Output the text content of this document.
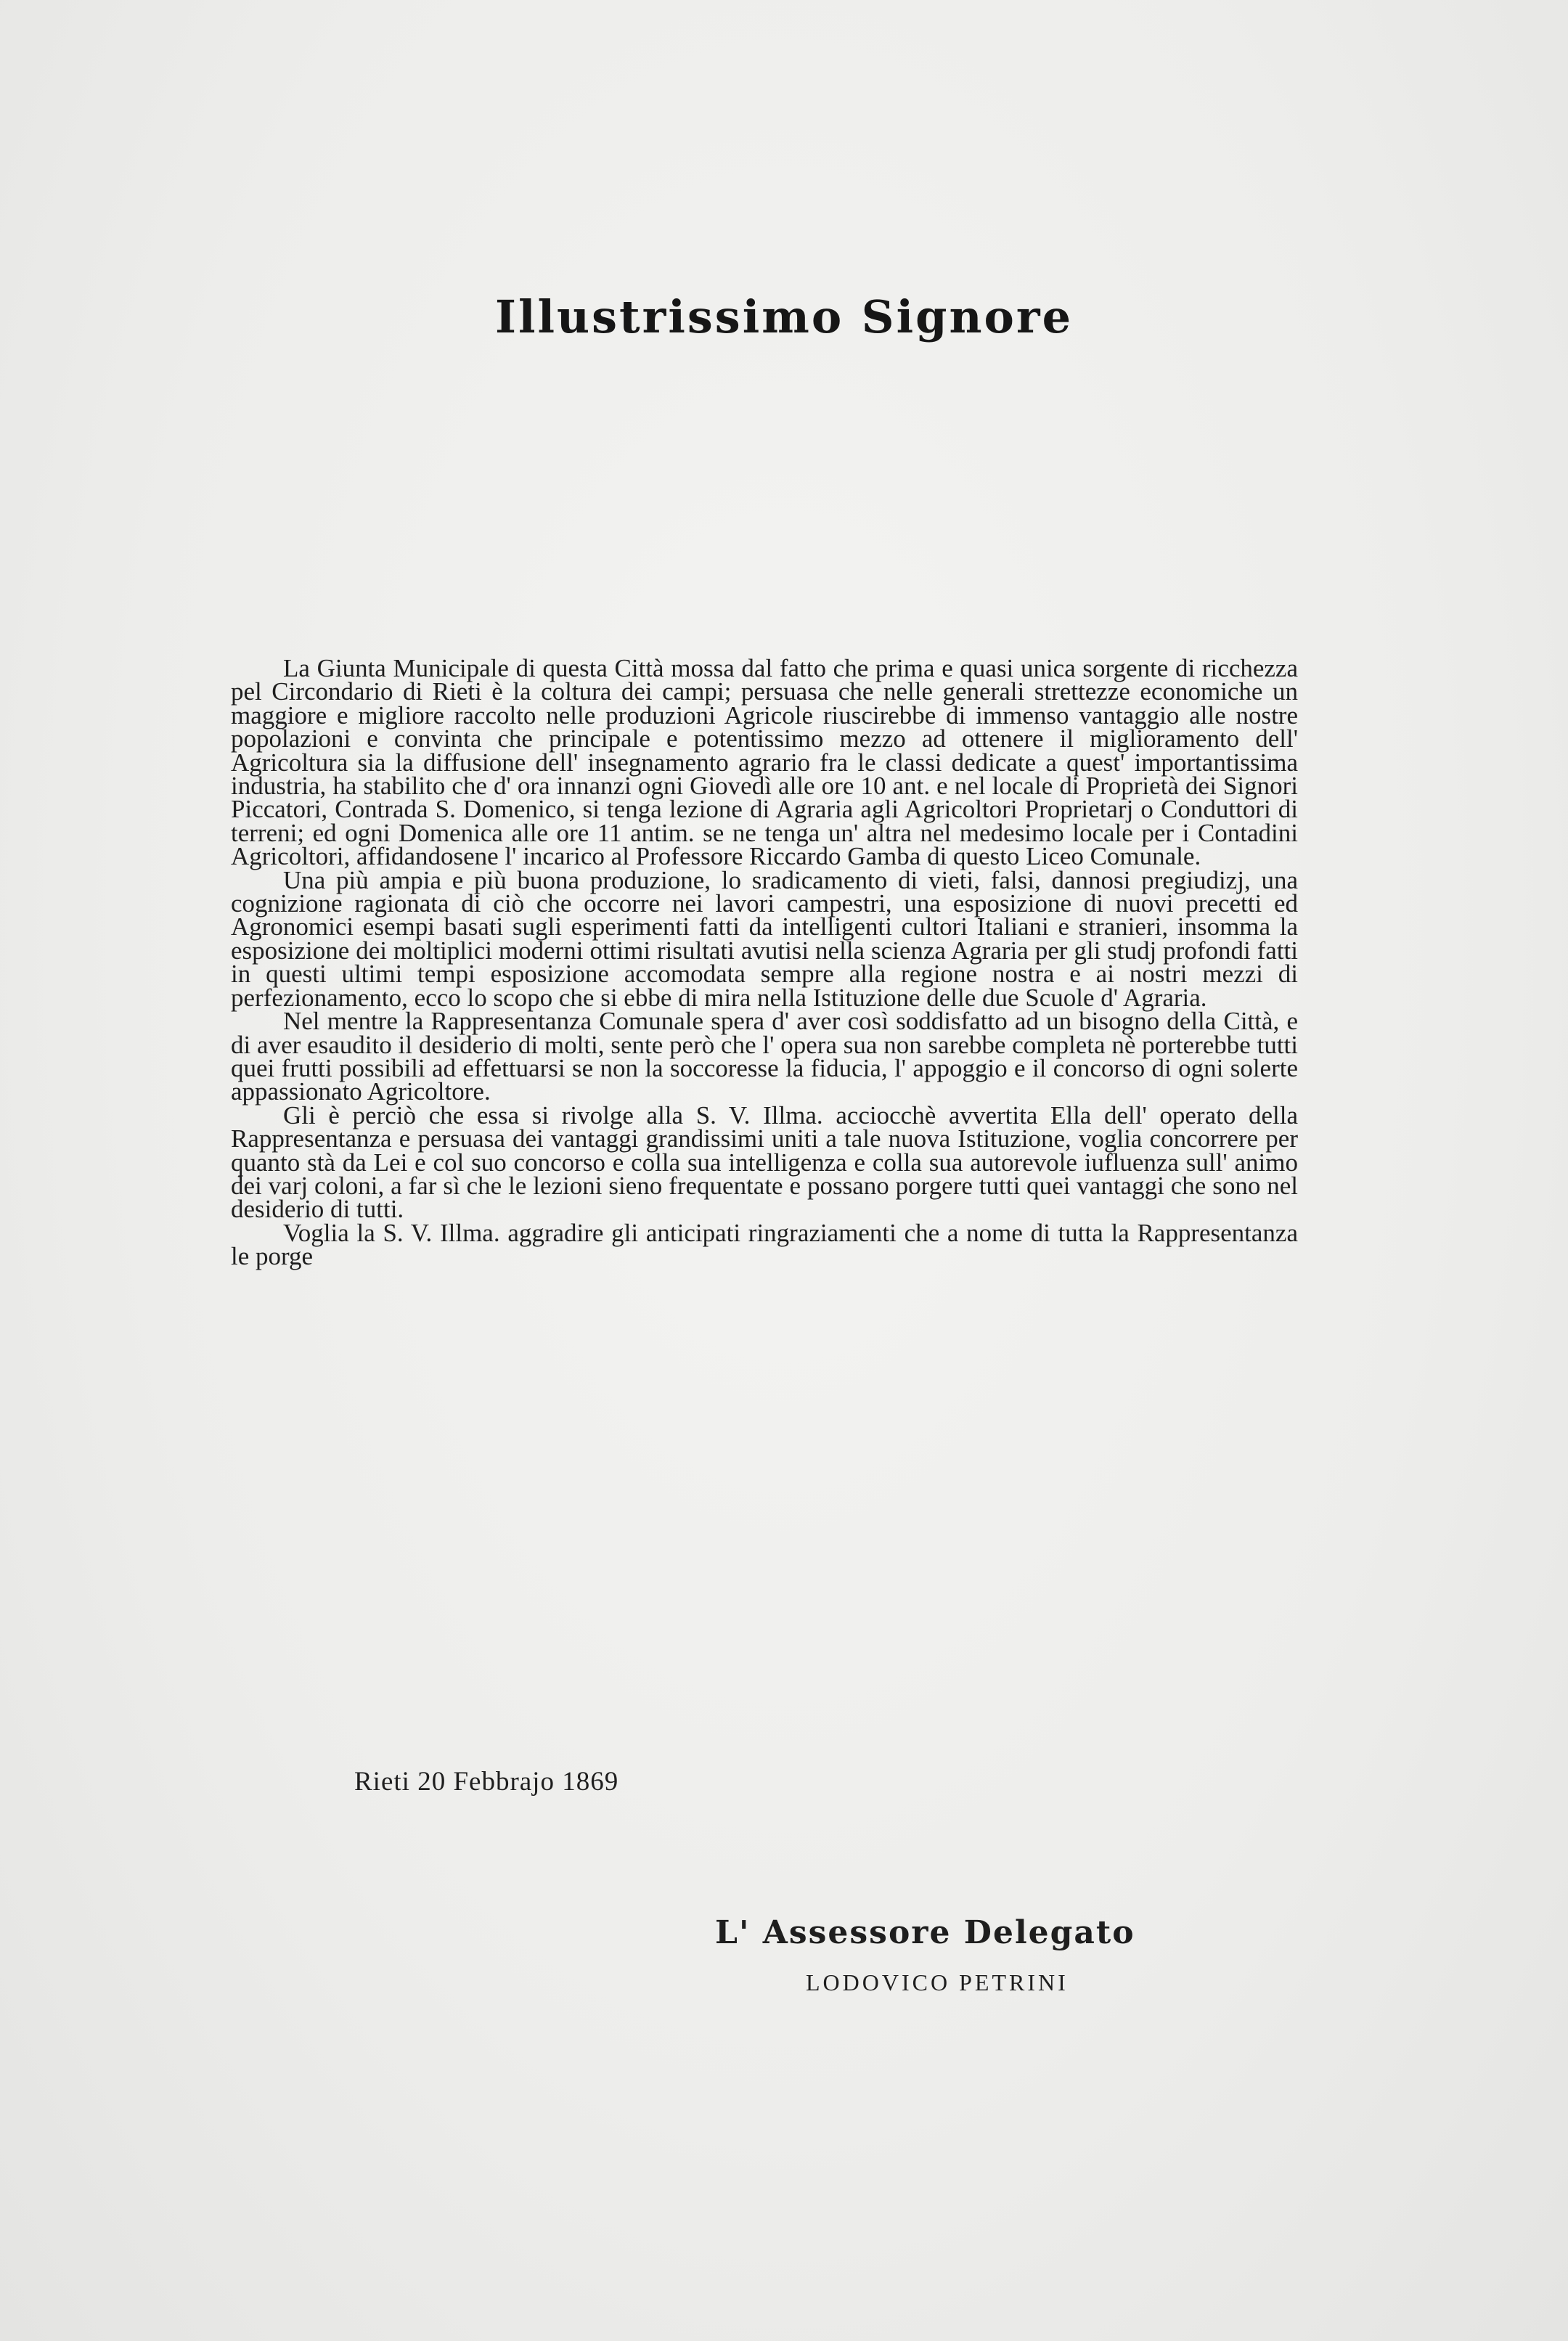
Illustrissimo Signore

La Giunta Municipale di questa Città mossa dal fatto che prima e quasi unica sorgente di ricchezza pel Circondario di Rieti è la coltura dei campi; persuasa che nelle generali strettezze economiche un maggiore e migliore raccolto nelle produzioni Agricole riuscirebbe di immenso vantaggio alle nostre popolazioni e convinta che principale e potentissimo mezzo ad ottenere il miglioramento dell' Agricoltura sia la diffusione dell' insegnamento agrario fra le classi dedicate a quest' importantissima industria, ha stabilito che d' ora innanzi ogni Giovedì alle ore 10 ant. e nel locale di Proprietà dei Signori Piccatori, Contrada S. Domenico, si tenga lezione di Agraria agli Agricoltori Proprietarj o Conduttori di terreni; ed ogni Domenica alle ore 11 antim. se ne tenga un' altra nel medesimo locale per i Contadini Agricoltori, affidandosene l' incarico al Professore Riccardo Gamba di questo Liceo Comunale.

Una più ampia e più buona produzione, lo sradicamento di vieti, falsi, dannosi pregiudizj, una cognizione ragionata di ciò che occorre nei lavori campestri, una esposizione di nuovi precetti ed Agronomici esempi basati sugli esperimenti fatti da intelligenti cultori Italiani e stranieri, insomma la esposizione dei moltiplici moderni ottimi risultati avutisi nella scienza Agraria per gli studj profondi fatti in questi ultimi tempi esposizione accomodata sempre alla regione nostra e ai nostri mezzi di perfezionamento, ecco lo scopo che si ebbe di mira nella Istituzione delle due Scuole d' Agraria.

Nel mentre la Rappresentanza Comunale spera d' aver così soddisfatto ad un bisogno della Città, e di aver esaudito il desiderio di molti, sente però che l' opera sua non sarebbe completa nè porterebbe tutti quei frutti possibili ad effettuarsi se non la soccoresse la fiducia, l' appoggio e il concorso di ogni solerte appassionato Agricoltore.

Gli è perciò che essa si rivolge alla S. V. Illma. acciocchè avvertita Ella dell' operato della Rappresentanza e persuasa dei vantaggi grandissimi uniti a tale nuova Istituzione, voglia concorrere per quanto stà da Lei e col suo concorso e colla sua intelligenza e colla sua autorevole iufluenza sull' animo dei varj coloni, a far sì che le lezioni sieno frequentate e possano porgere tutti quei vantaggi che sono nel desiderio di tutti.

Voglia la S. V. Illma. aggradire gli anticipati ringraziamenti che a nome di tutta la Rappresentanza le porge

Rieti 20 Febbrajo 1869
L' Assessore Delegato
LODOVICO PETRINI
